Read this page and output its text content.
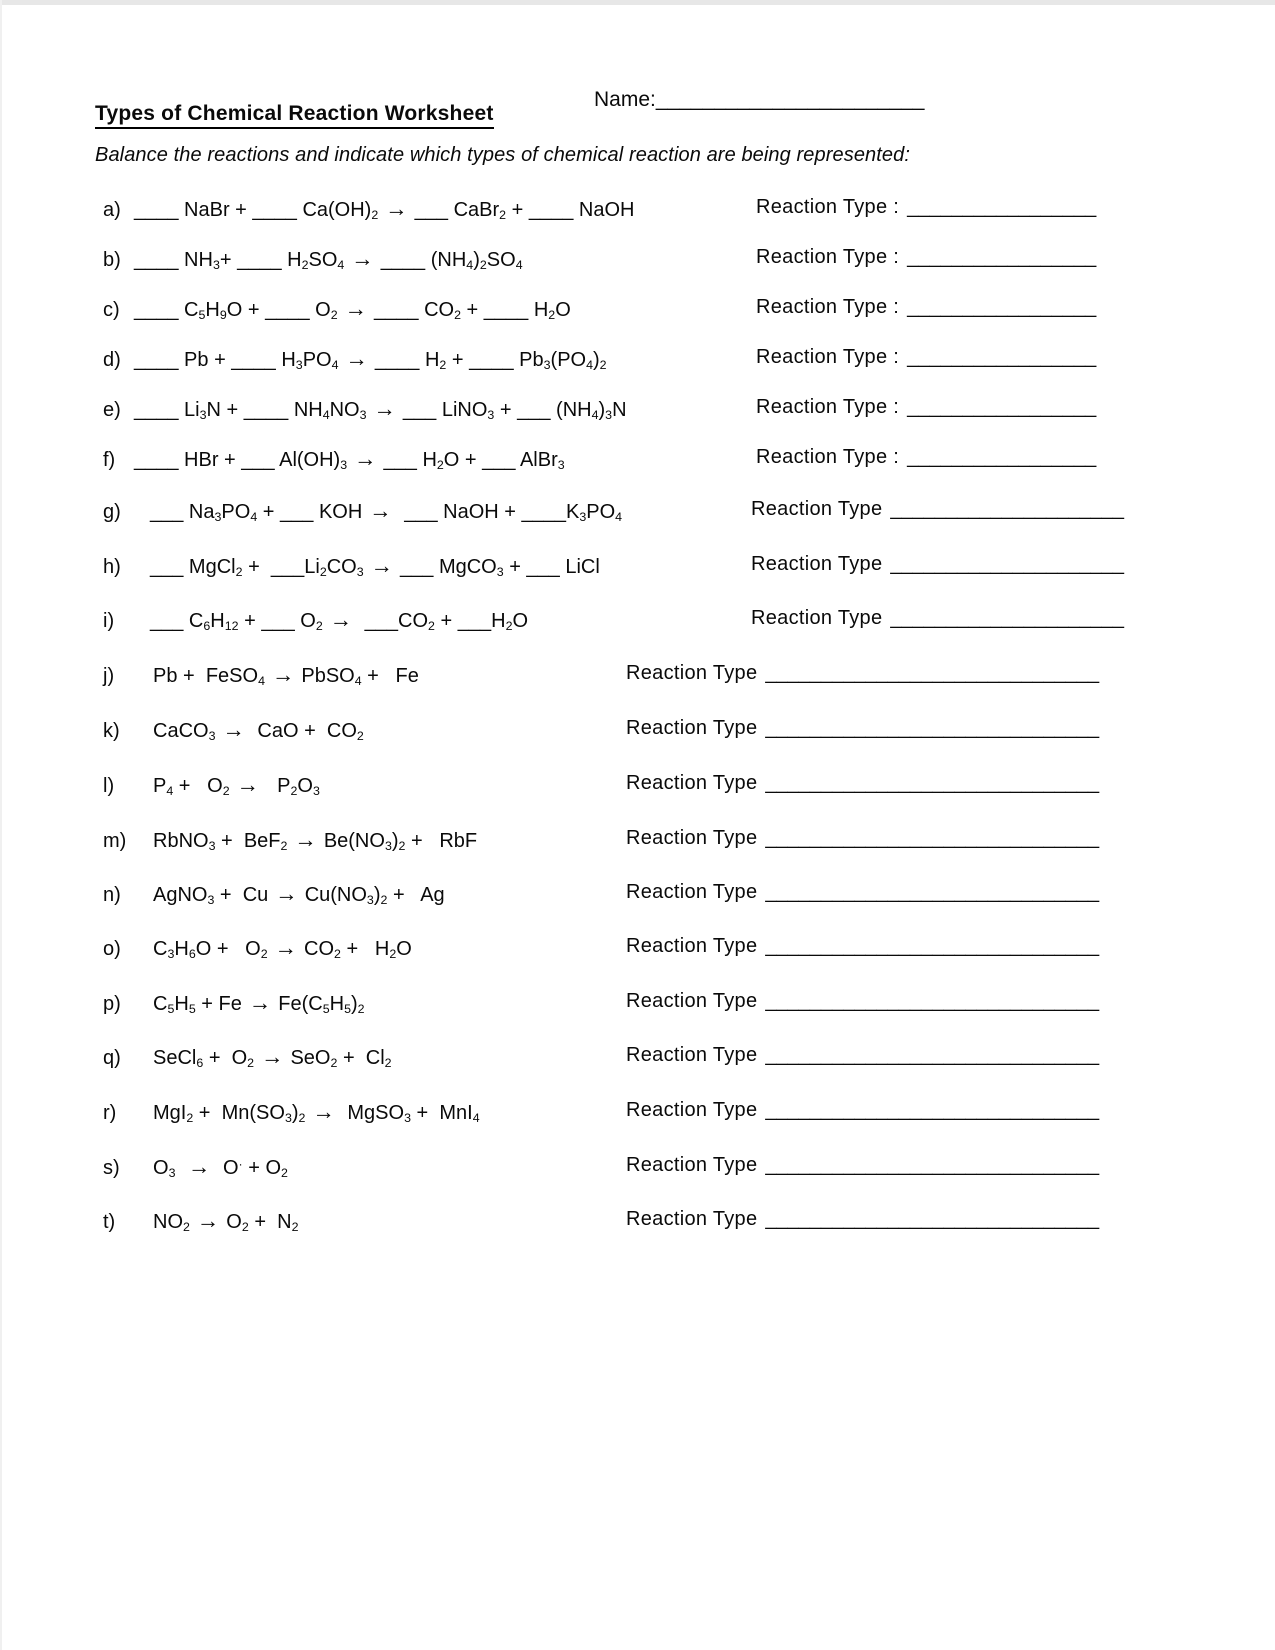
Types of Chemical Reaction Worksheet
Name:_______________________

Balance the reactions and indicate which types of chemical reaction are being represented:

a) ____ NaBr + ____ $Ca(OH)_2$ → ___ CaBr$_2$ + ____ NaOH	Reaction Type : _________________
b) ____ $NH_3+$ ____ $H_2SO_4$ → ____ $(NH_4)_2SO_4$	Reaction Type : _________________
c) ____ $C_5H_9O$ + ____ $O_2$ → ____ $CO_2$ + ____ $H_2O$	Reaction Type : _________________
d) ____ Pb + ____ $H_3PO_4$ → ____ $H_2$ + ____ $Pb_3(PO_4)_2$	Reaction Type : _________________
e) ____ $Li_3N$ + ____ $NH_4NO_3$ → ___ LiNO$_3$ + ___ $(NH_4)_3N$	Reaction Type : _________________
f) ____ HBr + ___ $Al(OH)_3$ → ___ $H_2O$ + ___ AlBr$_3$	Reaction Type : _________________
g) ___ $Na_3PO_4$ + ___ KOH → ___ NaOH + $\_\_\_\_K_3PO_4$	Reaction Type _____________________
h) ___ MgCl$_2$ +  $\_\_\_Li_2CO_3$ → ___ MgCO$_3$ + ___ LiCl	Reaction Type _____________________
i) ___ $C_6H_{12}$ + ___ $O_2$ → $\_\_\_CO_2$ + $\_\_\_H_2O$	Reaction Type _____________________
j) Pb +  FeSO$_4$ → PbSO$_4$ +   Fe	Reaction Type ______________________________
k) CaCO$_3$ → CaO +  $CO_2$	Reaction Type ______________________________
l) $P_4 + O_2 \to P_2O_3$	Reaction Type ______________________________
m) RbNO$_3$ +  $BeF_2 \to Be(NO_3)_2$ +   RbF	Reaction Type ______________________________
n) AgNO$_3$ +  $Cu \to Cu(NO_3)_2 + Ag$	Reaction Type ______________________________
o) $C_3H_6O + O_2 \to CO_2 + H_2O$	Reaction Type ______________________________
p) $C_5H_5 + Fe \to Fe(C_5H_5)_2$	Reaction Type ______________________________
q) SeCl$_6$ +  $O_2 \to SeO_2 + Cl_2$	Reaction Type ______________________________
r) $MgI_2 + Mn(SO_3)_2$ → MgSO$_3$ +  MnI$_4$	Reaction Type ______________________________
s) $O_3 \to O^\cdot + O_2$	Reaction Type ______________________________
t) $NO_2 \to O_2 + N_2$	Reaction Type ______________________________
